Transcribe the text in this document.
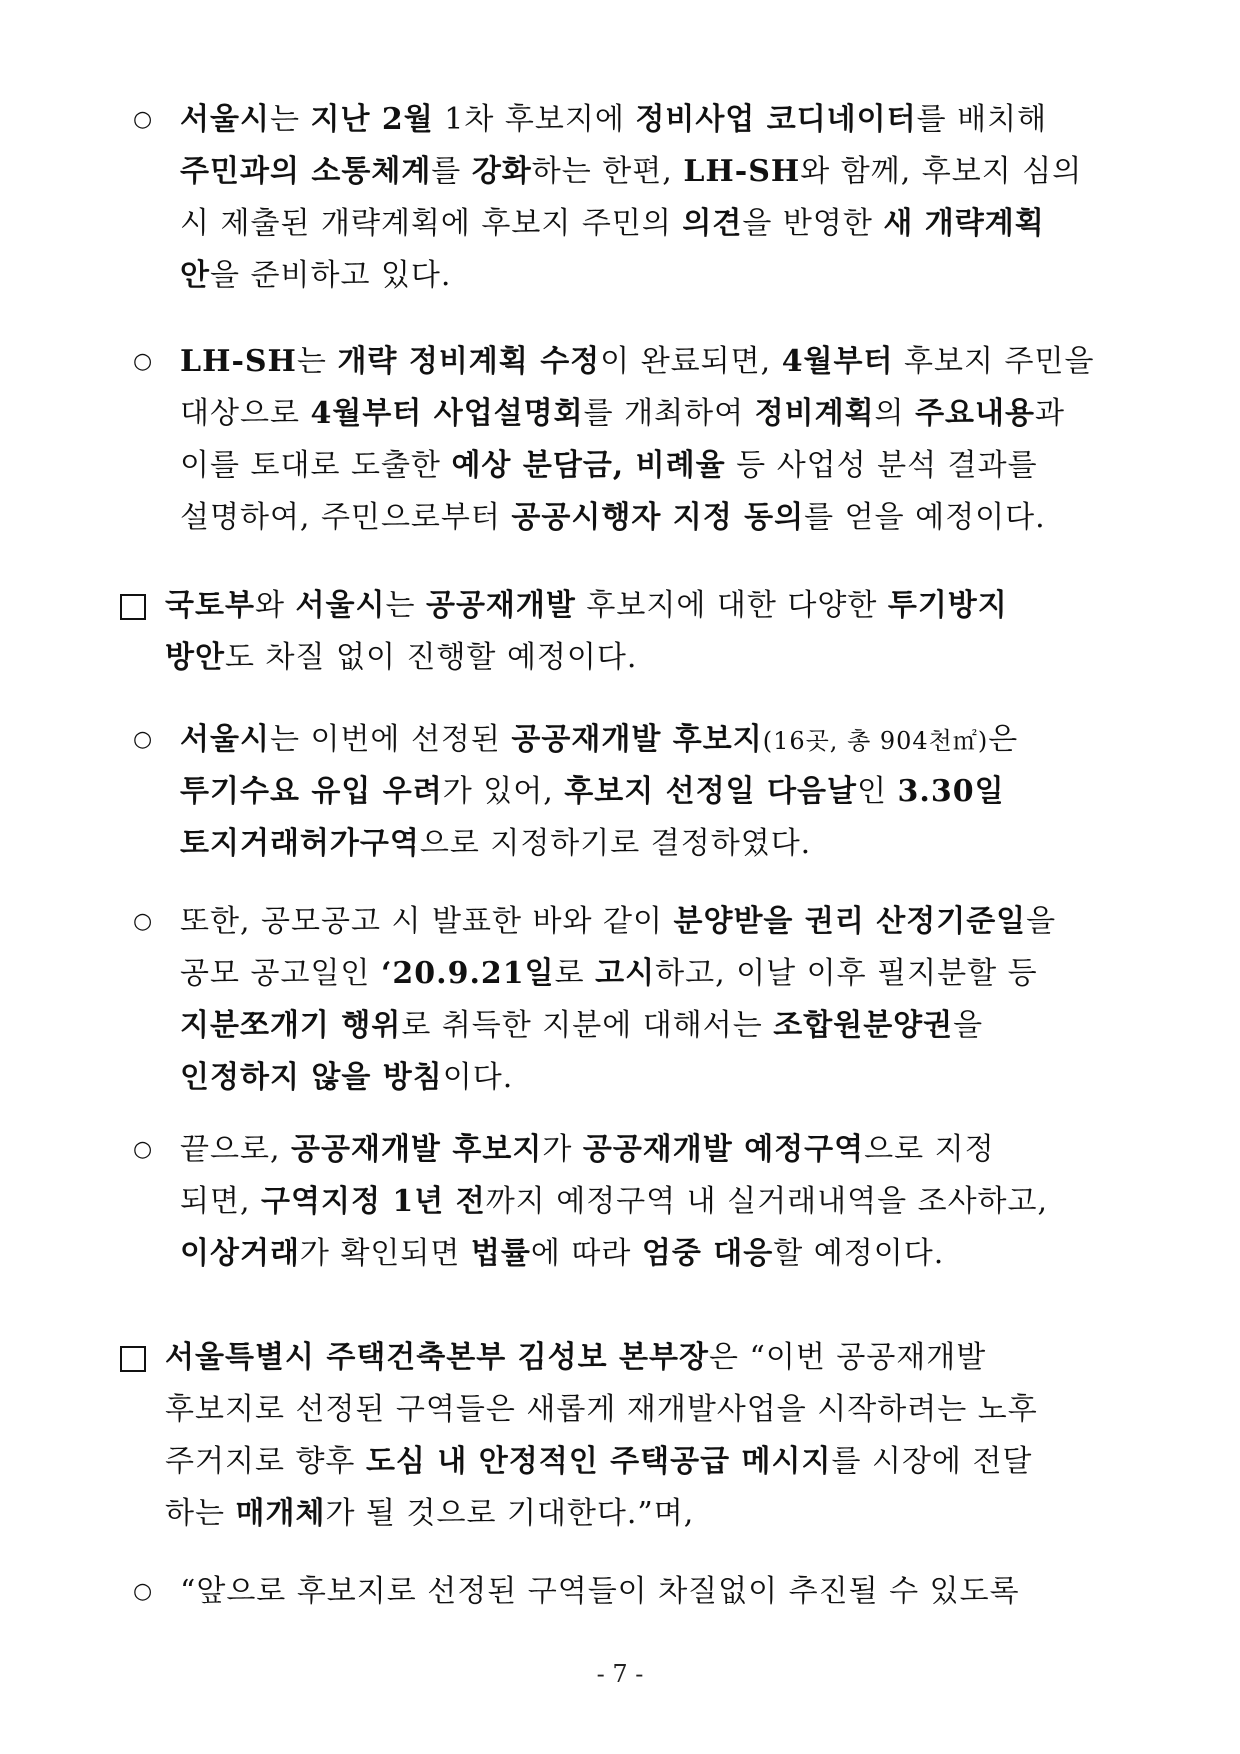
○ 서울시는 지난 2월 1차 후보지에 정비사업 코디네이터를 배치해
주민과의 소통체계를 강화하는 한편, LH-SH와 함께, 후보지 심의
시 제출된 개략계획에 후보지 주민의 의견을 반영한 새 개략계획
안을 준비하고 있다.
○ LH-SH는 개략 정비계획 수정이 완료되면, 4월부터 후보지 주민을
대상으로 4월부터 사업설명회를 개최하여 정비계획의 주요내용과
이를 토대로 도출한 예상 분담금, 비례율 등 사업성 분석 결과를
설명하여, 주민으로부터 공공시행자 지정 동의를 얻을 예정이다.
국토부와 서울시는 공공재개발 후보지에 대한 다양한 투기방지
방안도 차질 없이 진행할 예정이다.
○ 서울시는 이번에 선정된 공공재개발 후보지(16곳, 총 904천㎡)은
투기수요 유입 우려가 있어, 후보지 선정일 다음날인 3.30일
토지거래허가구역으로 지정하기로 결정하였다.
○ 또한, 공모공고 시 발표한 바와 같이 분양받을 권리 산정기준일을
공모 공고일인 ‘20.9.21일로 고시하고, 이날 이후 필지분할 등
지분쪼개기 행위로 취득한 지분에 대해서는 조합원분양권을
인정하지 않을 방침이다.
○ 끝으로, 공공재개발 후보지가 공공재개발 예정구역으로 지정
되면, 구역지정 1년 전까지 예정구역 내 실거래내역을 조사하고,
이상거래가 확인되면 법률에 따라 엄중 대응할 예정이다.
서울특별시 주택건축본부 김성보 본부장은 “이번 공공재개발
후보지로 선정된 구역들은 새롭게 재개발사업을 시작하려는 노후
주거지로 향후 도심 내 안정적인 주택공급 메시지를 시장에 전달
하는 매개체가 될 것으로 기대한다.”며,
○ “앞으로 후보지로 선정된 구역들이 차질없이 추진될 수 있도록
- 7 -
